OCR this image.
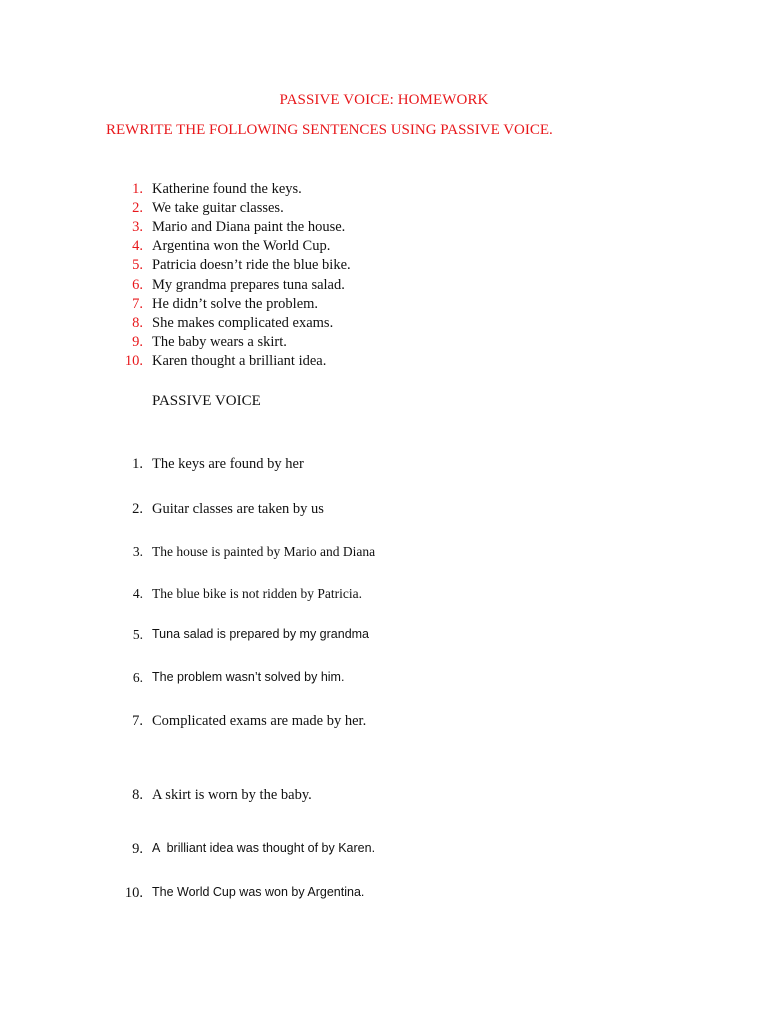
PASSIVE VOICE: HOMEWORK
REWRITE THE FOLLOWING SENTENCES USING PASSIVE VOICE.
1. Katherine found the keys.
2. We take guitar classes.
3. Mario and Diana paint the house.
4. Argentina won the World Cup.
5. Patricia doesn’t ride the blue bike.
6. My grandma prepares tuna salad.
7. He didn’t solve the problem.
8. She makes complicated exams.
9. The baby wears a skirt.
10. Karen thought a brilliant idea.
PASSIVE VOICE
1. The keys are found by her
2. Guitar classes are taken by us
3. The house is painted by Mario and Diana
4. The blue bike is not ridden by Patricia.
5. Tuna salad is prepared by my grandma
6. The problem wasn’t solved by him.
7. Complicated exams are made by her.
8. A skirt is worn by the baby.
9. A  brilliant idea was thought of by Karen.
10. The World Cup was won by Argentina.
